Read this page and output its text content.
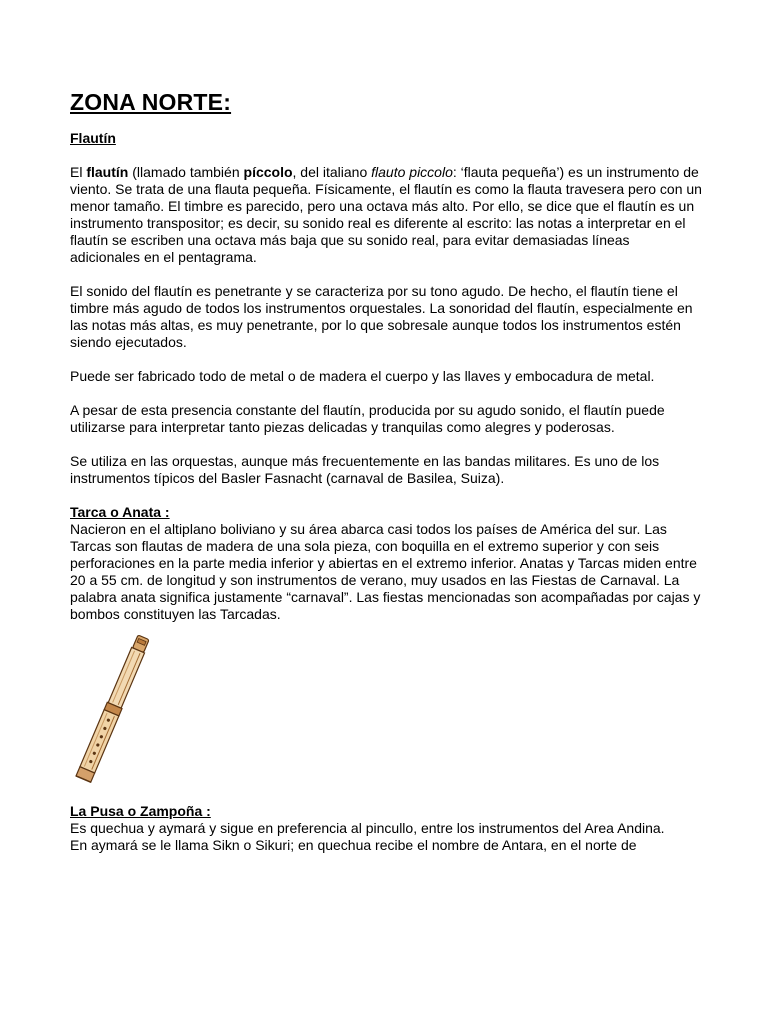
ZONA NORTE:
Flautín

El flautín (llamado también píccolo, del italiano flauto piccolo: ‘flauta pequeña’) es un instrumento de viento. Se trata de una flauta pequeña. Físicamente, el flautín es como la flauta travesera pero con un menor tamaño. El timbre es parecido, pero una octava más alto. Por ello, se dice que el flautín es un instrumento transpositor; es decir, su sonido real es diferente al escrito: las notas a interpretar en el flautín se escriben una octava más baja que su sonido real, para evitar demasiadas líneas adicionales en el pentagrama.

El sonido del flautín es penetrante y se caracteriza por su tono agudo. De hecho, el flautín tiene el timbre más agudo de todos los instrumentos orquestales. La sonoridad del flautín, especialmente en las notas más altas, es muy penetrante, por lo que sobresale aunque todos los instrumentos estén siendo ejecutados.

Puede ser fabricado todo de metal o de madera el cuerpo y las llaves y embocadura de metal.

A pesar de esta presencia constante del flautín, producida por su agudo sonido, el flautín puede utilizarse para interpretar tanto piezas delicadas y tranquilas como alegres y poderosas.

Se utiliza en las orquestas, aunque más frecuentemente en las bandas militares. Es uno de los instrumentos típicos del Basler Fasnacht (carnaval de Basilea, Suiza).

Tarca o Anata :

Nacieron en el altiplano boliviano y su área abarca casi todos los países de América del sur. Las Tarcas son flautas de madera de una sola pieza, con boquilla en el extremo superior y con seis perforaciones en la parte media inferior y abiertas en el extremo inferior. Anatas y Tarcas miden entre 20 a 55 cm. de longitud y son instrumentos de verano, muy usados en las Fiestas de Carnaval. La palabra anata significa justamente “carnaval”. Las fiestas mencionadas son acompañadas por cajas y bombos constituyen las Tarcadas.

La Pusa o Zampoña :

Es quechua y aymará y sigue en preferencia al pincullo, entre los instrumentos del Area Andina.

En aymará se le llama Sikn o Sikuri; en quechua recibe el nombre de Antara, en el norte de
